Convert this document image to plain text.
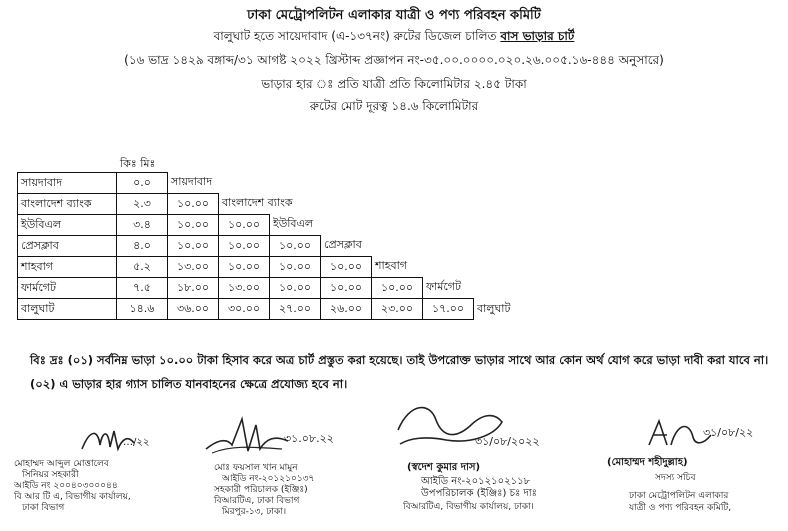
ঢাকা মেট্রোপলিটন এলাকার যাত্রী ও পণ্য পরিবহন কমিটি
বালুঘাট হতে সায়েদাবাদ (এ-১৩৭নং) রুটের ডিজেল চালিত বাস ভাড়ার চার্ট
(১৬ ভাদ্র ১৪২৯ বঙ্গাব্দ/৩১ আগষ্ট ২০২২ খ্রিস্টাব্দ প্রজ্ঞাপন নং-৩৫.০০.০০০০.০২০.২৬.০০৫.১৬-৪৪৪ অনুসারে)
ভাড়ার হার ঃ প্রতি যাত্রী প্রতি কিলোমিটার ২.৪৫ টাকা
রুটের মোট দূরত্ব ১৪.৬ কিলোমিটার
কিঃ মিঃ
সায়দাবাদ	০.০	সায়দাবাদ						
বাংলাদেশ ব্যাংক	২.৩	১০.০০	বাংলাদেশ ব্যাংক					
ইউবিএল	৩.৪	১০.০০	১০.০০	ইউবিএল				
প্রেসক্লাব	৪.০	১০.০০	১০.০০	১০.০০	প্রেসক্লাব			
শাহবাগ	৫.২	১৩.০০	১০.০০	১০.০০	১০.০০	শাহবাগ		
ফার্মগেট	৭.৫	১৮.০০	১৩.০০	১০.০০	১০.০০	১০.০০	ফার্মগেট	
বালুঘাট	১৪.৬	৩৬.০০	৩০.০০	২৭.০০	২৬.০০	২৩.০০	১৭.০০	বালুঘাট
বিঃ দ্রঃ (০১) সর্বনিম্ন ভাড়া ১০.০০ টাকা হিসাব করে অত্র চার্ট প্রস্তুত করা হয়েছে। তাই উপরোক্ত ভাড়ার সাথে আর কোন অর্থ যোগ করে ভাড়া দাবী করা যাবে না।
(০২) এ ভাড়ার হার গ্যাস চালিত যানবাহনের ক্ষেত্রে প্রযোজ্য হবে না।
…/২২
মোহাম্মদ আব্দুল মোত্তালেব
সিনিয়র সহকারী
আইডি নং ২০০৪০৩০০০৪৪
বি আর টি এ, বিভাগীয় কার্যালয়,
ঢাকা বিভাগ
৩১.০৮.২২
মোঃ ফয়সাল খান মামুন
আইডি নং-২০১২১০১৩৭
সহকারী পরিচালক (ইঞ্জিঃ)
বিআরটিএ, ঢাকা বিভাগ
মিরপুর-১৩, ঢাকা।
৩১/০৮/২০২২
(স্বদেশ কুমার দাস)
আইডি নং-২০১২১০২১১৮
উপপরিচালক (ইঞ্জিঃ) চঃ দাঃ
বিআরটিএ, বিভাগীয় কার্যালয়, ঢাকা।
৩১/০৮/২২
(মোহাম্মদ শহীদুল্লাহ)
সদস্য সচিব
ঢাকা মেট্রোপলিটন এলাকার
যাত্রী ও পণ্য পরিবহন কমিটি,
